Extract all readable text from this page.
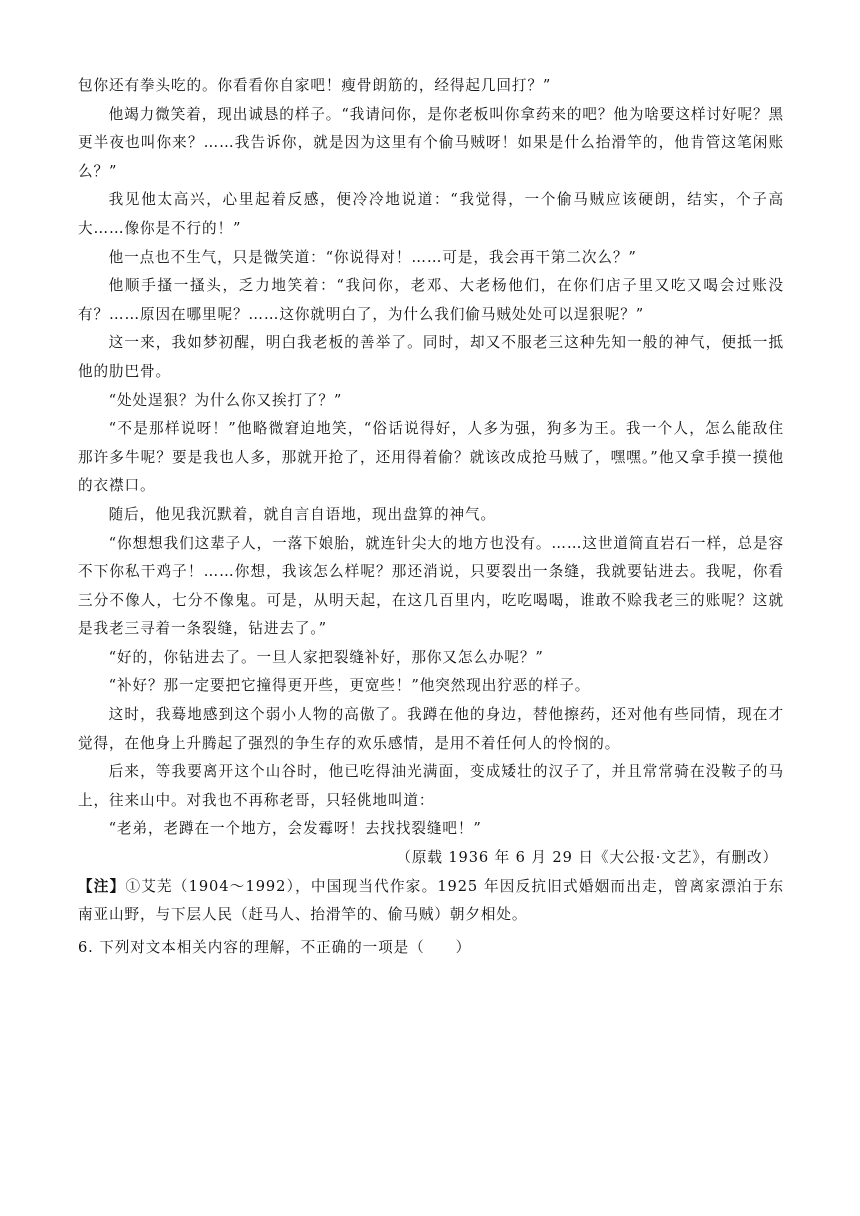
包你还有拳头吃的。你看看你自家吧！瘦骨朗筋的，经得起几回打？”

他竭力微笑着，现出诚恳的样子。“我请问你，是你老板叫你拿药来的吧？他为啥要这样讨好呢？黑更半夜也叫你来？……我告诉你，就是因为这里有个偷马贼呀！如果是什么抬滑竿的，他肯管这笔闲账么？”

我见他太高兴，心里起着反感，便冷冷地说道：“我觉得，一个偷马贼应该硬朗，结实，个子高大……像你是不行的！”

他一点也不生气，只是微笑道：“你说得对！……可是，我会再干第二次么？”

他顺手搔一搔头，乏力地笑着：“我问你，老邓、大老杨他们，在你们店子里又吃又喝会过账没有？……原因在哪里呢？……这你就明白了，为什么我们偷马贼处处可以逞狠呢？”

这一来，我如梦初醒，明白我老板的善举了。同时，却又不服老三这种先知一般的神气，便抵一抵他的肋巴骨。

“处处逞狠？为什么你又挨打了？”

“不是那样说呀！”他略微窘迫地笑，“俗话说得好，人多为强，狗多为王。我一个人，怎么能敌住那许多牛呢？要是我也人多，那就开抢了，还用得着偷？就该改成抢马贼了，嘿嘿。”他又拿手摸一摸他的衣襟口。

随后，他见我沉默着，就自言自语地，现出盘算的神气。

“你想想我们这辈子人，一落下娘胎，就连针尖大的地方也没有。……这世道简直岩石一样，总是容不下你私干鸡子！……你想，我该怎么样呢？那还消说，只要裂出一条缝，我就要钻进去。我呢，你看三分不像人，七分不像鬼。可是，从明天起，在这几百里内，吃吃喝喝，谁敢不赊我老三的账呢？这就是我老三寻着一条裂缝，钻进去了。”

“好的，你钻进去了。一旦人家把裂缝补好，那你又怎么办呢？”

“补好？那一定要把它撞得更开些，更宽些！”他突然现出狞恶的样子。

这时，我蓦地感到这个弱小人物的高傲了。我蹲在他的身边，替他擦药，还对他有些同情，现在才觉得，在他身上升腾起了强烈的争生存的欢乐感情，是用不着任何人的怜悯的。

后来，等我要离开这个山谷时，他已吃得油光满面，变成矮壮的汉子了，并且常常骑在没鞍子的马上，往来山中。对我也不再称老哥，只轻佻地叫道：

“老弟，老蹲在一个地方，会发霉呀！去找找裂缝吧！”

（原载 1936 年 6 月 29 日《大公报·文艺》，有删改）

【注】①艾芜（1904～1992），中国现当代作家。1925 年因反抗旧式婚姻而出走，曾离家漂泊于东南亚山野，与下层人民（赶马人、抬滑竿的、偷马贼）朝夕相处。

6. 下列对文本相关内容的理解，不正确的一项是（　　）
